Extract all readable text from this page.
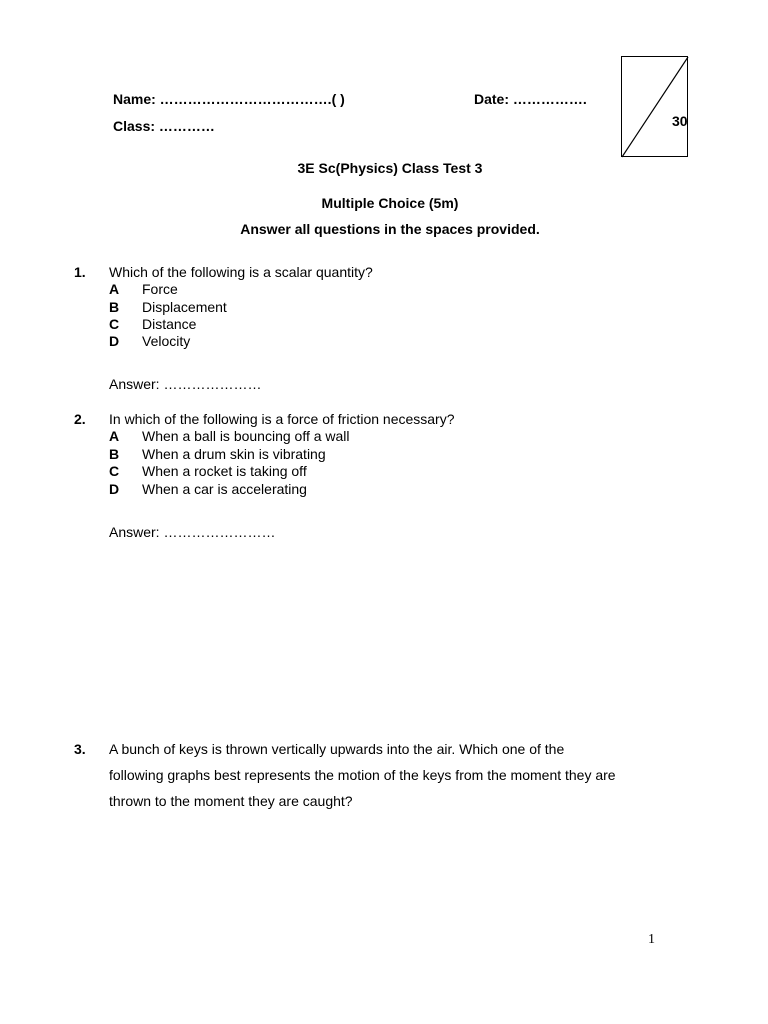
Name: ……………………………….( )	Date: …………….
Class: …………	30
3E Sc(Physics) Class Test 3
Multiple Choice (5m)
Answer all questions in the spaces provided.
1. Which of the following is a scalar quantity?
A Force
B Displacement
C Distance
D Velocity
Answer: …………………
2. In which of the following is a force of friction necessary?
A When a ball is bouncing off a wall
B When a drum skin is vibrating
C When a rocket is taking off
D When a car is accelerating
Answer: ……………………
3. A bunch of keys is thrown vertically upwards into the air. Which one of the
following graphs best represents the motion of the keys from the moment they are
thrown to the moment they are caught?
1
